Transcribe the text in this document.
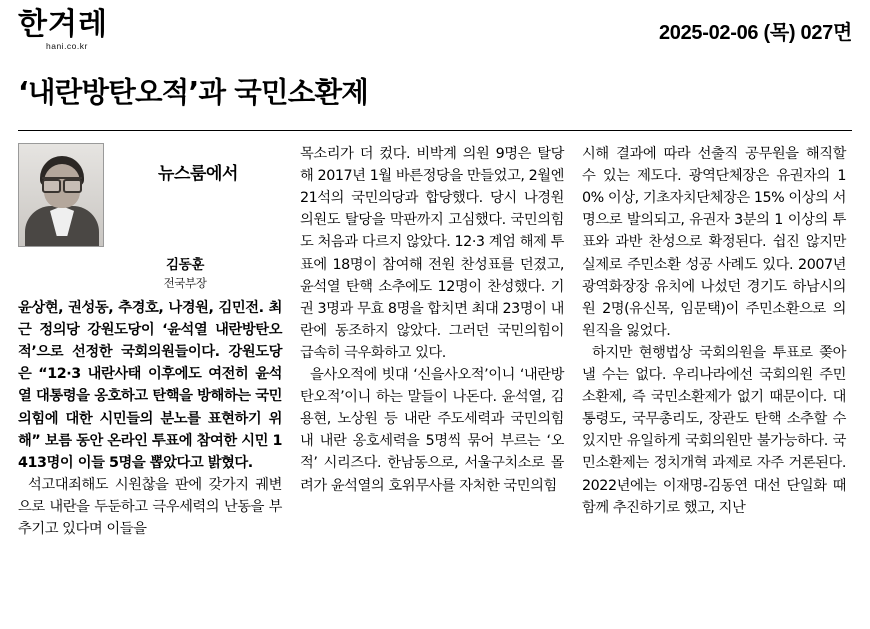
한겨레
hani.co.kr
2025-02-06 (목) 027면
‘내란방탄오적’과 국민소환제
뉴스룸에서
김동훈
전국부장

윤상현, 권성동, 추경호, 나경원, 김민전. 최근 정의당 강원도당이 ‘윤석열 내란방탄오적’으로 선정한 국회의원들이다. 강원도당은 “12·3 내란사태 이후에도 여전히 윤석열 대통령을 옹호하고 탄핵을 방해하는 국민의힘에 대한 시민들의 분노를 표현하기 위해” 보름 동안 온라인 투표에 참여한 시민 1413명이 이들 5명을 뽑았다고 밝혔다.

석고대죄해도 시원찮을 판에 갖가지 궤변으로 내란을 두둔하고 극우세력의 난동을 부추기고 있다며 이들을

목소리가 더 컸다. 비박계 의원 9명은 탈당해 2017년 1월 바른정당을 만들었고, 2월엔 21석의 국민의당과 합당했다. 당시 나경원 의원도 탈당을 막판까지 고심했다. 국민의힘도 처음과 다르지 않았다. 12·3 계엄 해제 투표에 18명이 참여해 전원 찬성표를 던졌고, 윤석열 탄핵 소추에도 12명이 찬성했다. 기권 3명과 무효 8명을 합치면 최대 23명이 내란에 동조하지 않았다. 그러던 국민의힘이 급속히 극우화하고 있다.

을사오적에 빗대 ‘신을사오적’이니 ‘내란방탄오적’이니 하는 말들이 나돈다. 윤석열, 김용현, 노상원 등 내란 주도세력과 국민의힘 내 내란 옹호세력을 5명씩 묶어 부르는 ‘오적’ 시리즈다. 한남동으로, 서울구치소로 몰려가 윤석열의 호위무사를 자처한 국민의힘

시해 결과에 따라 선출직 공무원을 해직할 수 있는 제도다. 광역단체장은 유권자의 10% 이상, 기초자치단체장은 15% 이상의 서명으로 발의되고, 유권자 3분의 1 이상의 투표와 과반 찬성으로 확정된다. 쉽진 않지만 실제로 주민소환 성공 사례도 있다. 2007년 광역화장장 유치에 나섰던 경기도 하남시의원 2명(유신목, 임문택)이 주민소환으로 의원직을 잃었다.

하지만 현행법상 국회의원을 투표로 쫒아낼 수는 없다. 우리나라에선 국회의원 주민소환제, 즉 국민소환제가 없기 때문이다. 대통령도, 국무총리도, 장관도 탄핵 소추할 수 있지만 유일하게 국회의원만 불가능하다. 국민소환제는 정치개혁 과제로 자주 거론된다. 2022년에는 이재명-김동연 대선 단일화 때 함께 추진하기로 했고, 지난
